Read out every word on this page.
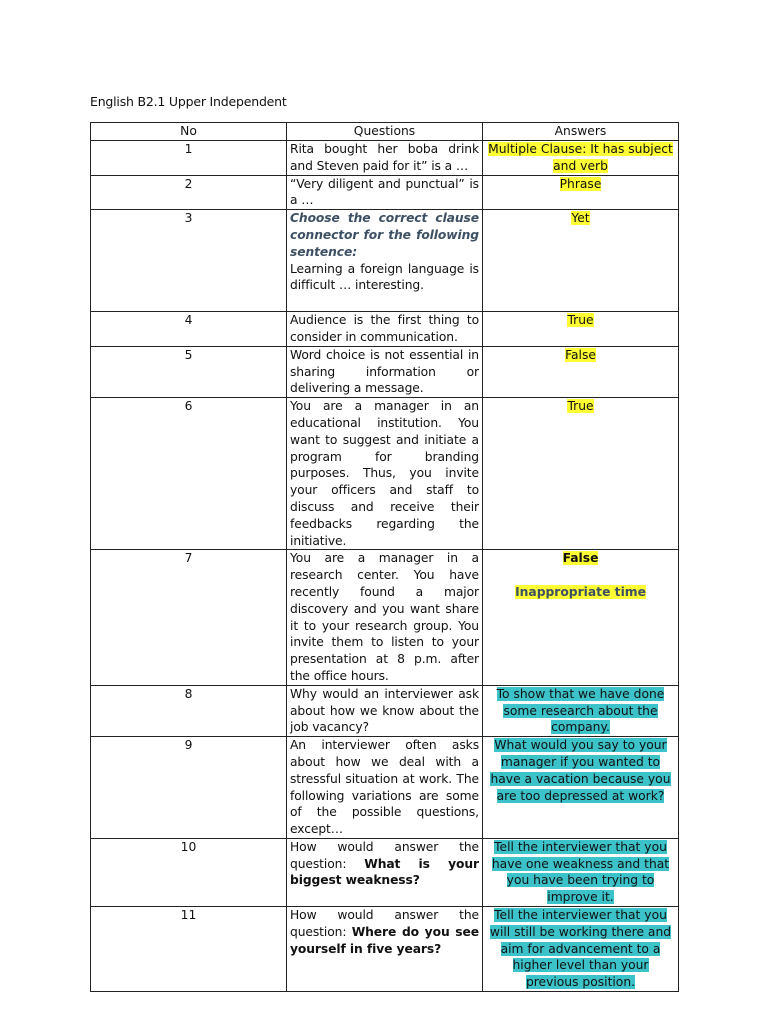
English B2.1 Upper Independent
No	Questions	Answers
1	Rita bought her boba drink and Steven paid for it” is a …	Multiple Clause: It has subject and verb
2	“Very diligent and punctual” is a …	Phrase
3	Choose the correct clause connector for the following sentence:
Learning a foreign language is difficult … interesting.	Yet
4	Audience is the first thing to consider in communication.	True
5	Word choice is not essential in sharing information or delivering a message.	False
6	You are a manager in an educational institution. You want to suggest and initiate a program for branding purposes. Thus, you invite your officers and staff to discuss and receive their feedbacks regarding the initiative.	True
7	You are a manager in a research center. You have recently found a major discovery and you want share it to your research group. You invite them to listen to your presentation at 8 p.m. after the office hours.	False
Inappropriate time
8	Why would an interviewer ask about how we know about the job vacancy?	To show that we have done some research about the company.
9	An interviewer often asks about how we deal with a stressful situation at work. The following variations are some of the possible questions, except…	What would you say to your manager if you wanted to have a vacation because you are too depressed at work?
10	How would answer the question: What is your biggest weakness?	Tell the interviewer that you have one weakness and that you have been trying to improve it.
11	How would answer the question: Where do you see yourself in five years?	Tell the interviewer that you will still be working there and aim for advancement to a higher level than your previous position.
